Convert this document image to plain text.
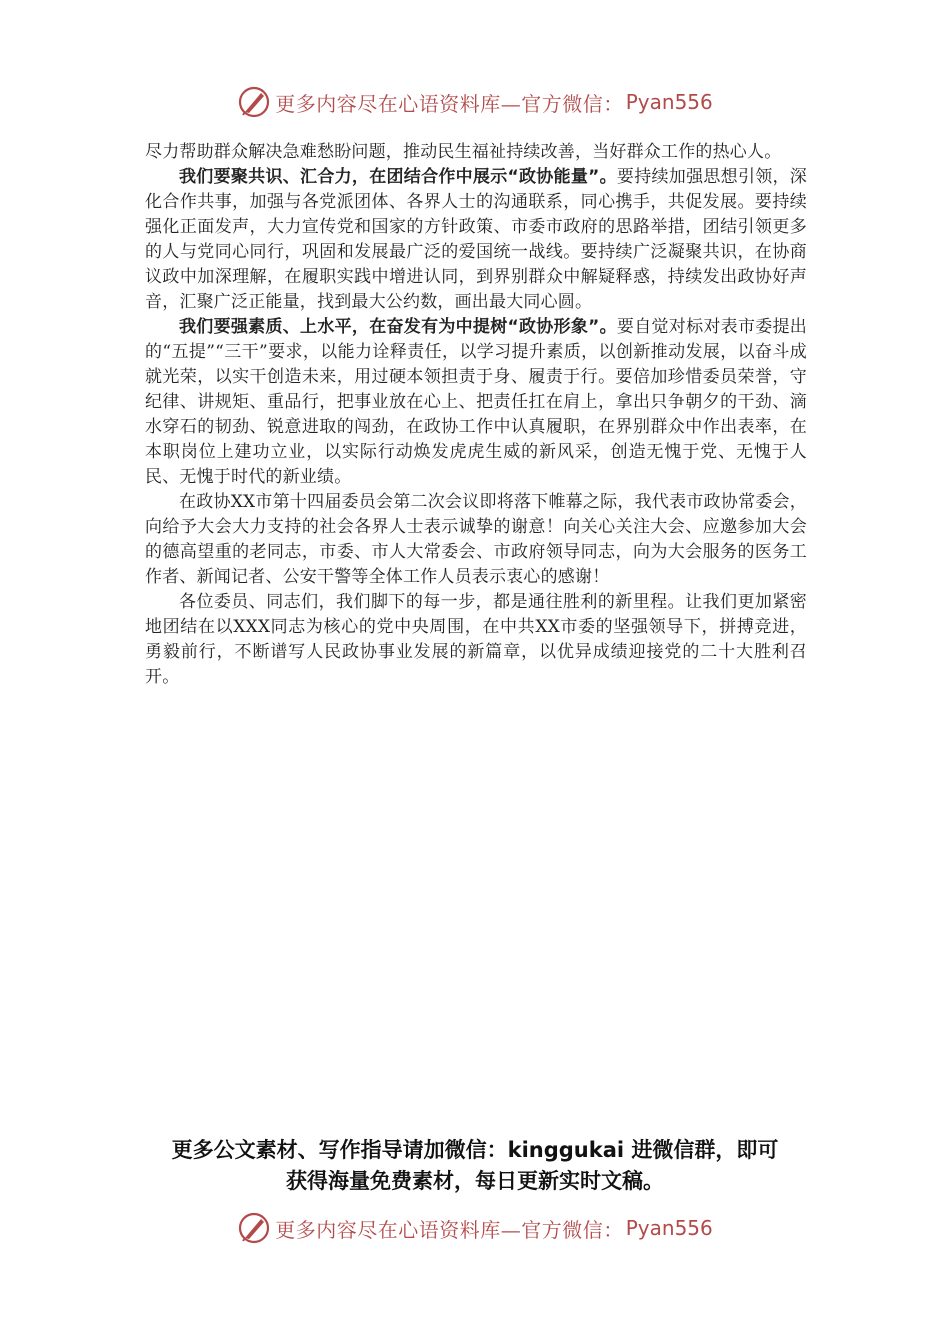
更多内容尽在心语资料库—官方微信： Pyan556

尽力帮助群众解决急难愁盼问题，推动民生福祉持续改善，当好群众工作的热心人。

我们要聚共识、汇合力，在团结合作中展示“政协能量”。要持续加强思想引领，深化合作共事，加强与各党派团体、各界人士的沟通联系，同心携手，共促发展。要持续强化正面发声，大力宣传党和国家的方针政策、市委市政府的思路举措，团结引领更多的人与党同心同行，巩固和发展最广泛的爱国统一战线。要持续广泛凝聚共识，在协商议政中加深理解，在履职实践中增进认同，到界别群众中解疑释惑，持续发出政协好声音，汇聚广泛正能量，找到最大公约数，画出最大同心圆。

我们要强素质、上水平，在奋发有为中提树“政协形象”。要自觉对标对表市委提出的“五提”“三干”要求，以能力诠释责任，以学习提升素质，以创新推动发展，以奋斗成就光荣，以实干创造未来，用过硬本领担责于身、履责于行。要倍加珍惜委员荣誉，守纪律、讲规矩、重品行，把事业放在心上、把责任扛在肩上，拿出只争朝夕的干劲、滴水穿石的韧劲、锐意进取的闯劲，在政协工作中认真履职，在界别群众中作出表率，在本职岗位上建功立业，以实际行动焕发虎虎生威的新风采，创造无愧于党、无愧于人民、无愧于时代的新业绩。

在政协XX市第十四届委员会第二次会议即将落下帷幕之际，我代表市政协常委会，向给予大会大力支持的社会各界人士表示诚挚的谢意！向关心关注大会、应邀参加大会的德高望重的老同志，市委、市人大常委会、市政府领导同志，向为大会服务的医务工作者、新闻记者、公安干警等全体工作人员表示衷心的感谢！

各位委员、同志们，我们脚下的每一步，都是通往胜利的新里程。让我们更加紧密地团结在以XXX同志为核心的党中央周围，在中共XX市委的坚强领导下，拼搏竞进，勇毅前行，不断谱写人民政协事业发展的新篇章，以优异成绩迎接党的二十大胜利召开。

更多公文素材、写作指导请加微信：kinggukai 进微信群，即可
获得海量免费素材，每日更新实时文稿。
更多内容尽在心语资料库—官方微信： Pyan556
